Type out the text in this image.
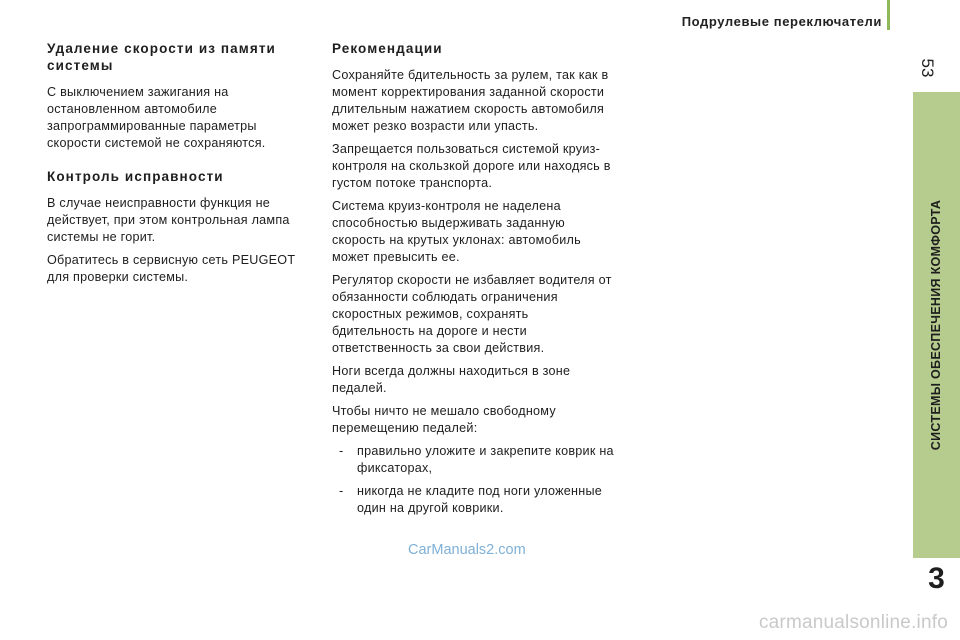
Подрулевые переключатели
53
СИСТЕМЫ ОБЕСПЕЧЕНИЯ КОМФОРТА
3
Удаление скорости из памяти системы

С выключением зажигания на остановленном автомобиле запрограммированные параметры скорости системой не сохраняются.

Контроль исправности

В случае неисправности функция не действует, при этом контрольная лампа системы не горит.

Обратитесь в сервисную сеть PEUGEOT для проверки системы.

Рекомендации

Сохраняйте бдительность за рулем, так как в момент корректирования заданной скорости длительным нажатием скорость автомобиля может резко возрасти или упасть.

Запрещается пользоваться системой круиз-контроля на скользкой дороге или находясь в густом потоке транспорта.

Система круиз-контроля не наделена способностью выдерживать заданную скорость на крутых уклонах: автомобиль может превысить ее.

Регулятор скорости не избавляет водителя от обязанности соблюдать ограничения скоростных режимов, сохранять бдительность на дороге и нести ответственность за свои действия.

Ноги всегда должны находиться в зоне педалей.

Чтобы ничто не мешало свободному перемещению педалей:

- правильно уложите и закрепите коврик на фиксаторах,
- никогда не кладите под ноги уложенные один на другой коврики.
CarManuals2.com
carmanualsonline.info
